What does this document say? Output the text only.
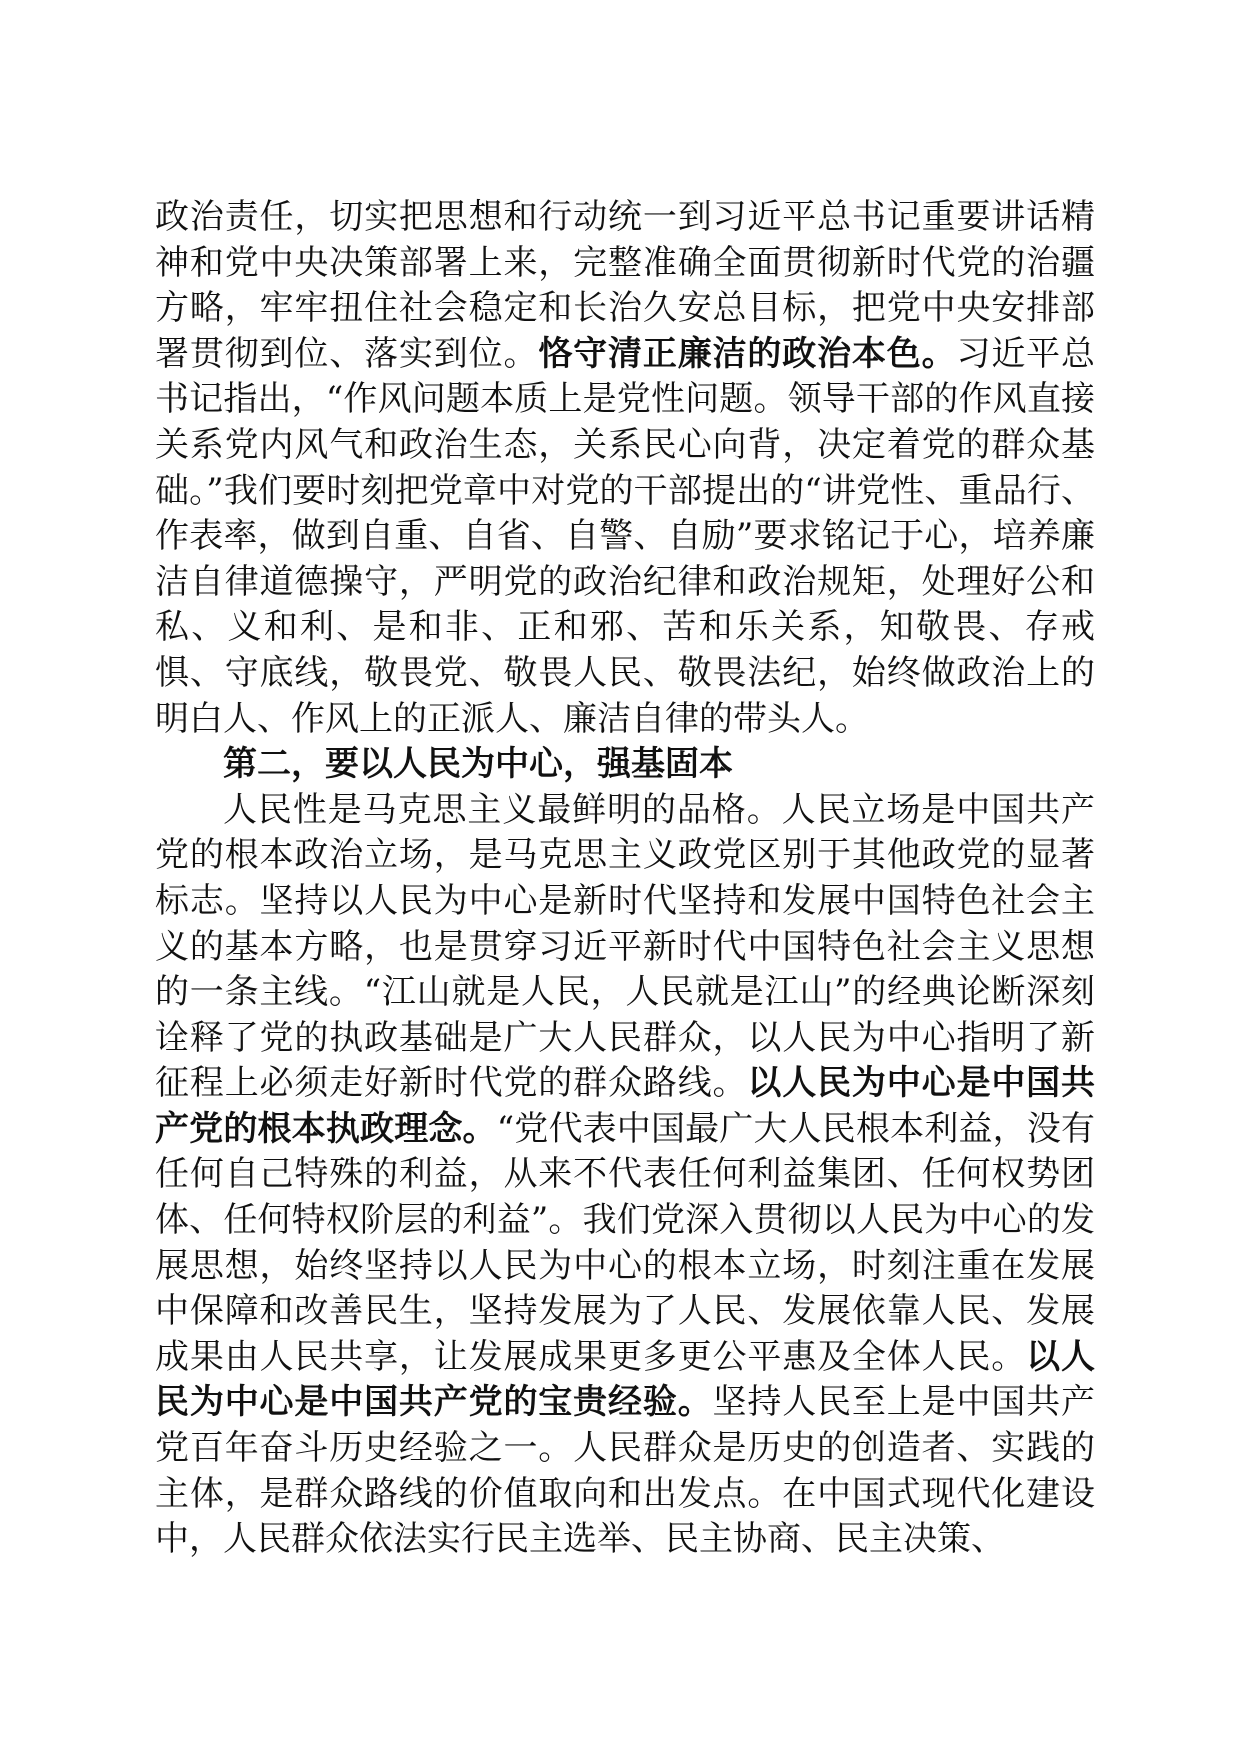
政治责任，切实把思想和行动统一到习近平总书记重要讲话精神和党中央决策部署上来，完整准确全面贯彻新时代党的治疆方略，牢牢扭住社会稳定和长治久安总目标，把党中央安排部署贯彻到位、落实到位。恪守清正廉洁的政治本色。习近平总书记指出，“作风问题本质上是党性问题。领导干部的作风直接关系党内风气和政治生态，关系民心向背，决定着党的群众基础。”我们要时刻把党章中对党的干部提出的“讲党性、重品行、作表率，做到自重、自省、自警、自励”要求铭记于心，培养廉洁自律道德操守，严明党的政治纪律和政治规矩，处理好公和私、义和利、是和非、正和邪、苦和乐关系，知敬畏、存戒惧、守底线，敬畏党、敬畏人民、敬畏法纪，始终做政治上的明白人、作风上的正派人、廉洁自律的带头人。

第二，要以人民为中心，强基固本

人民性是马克思主义最鲜明的品格。人民立场是中国共产党的根本政治立场，是马克思主义政党区别于其他政党的显著标志。坚持以人民为中心是新时代坚持和发展中国特色社会主义的基本方略，也是贯穿习近平新时代中国特色社会主义思想的一条主线。“江山就是人民，人民就是江山”的经典论断深刻诠释了党的执政基础是广大人民群众，以人民为中心指明了新征程上必须走好新时代党的群众路线。以人民为中心是中国共产党的根本执政理念。“党代表中国最广大人民根本利益，没有任何自己特殊的利益，从来不代表任何利益集团、任何权势团体、任何特权阶层的利益”。我们党深入贯彻以人民为中心的发展思想，始终坚持以人民为中心的根本立场，时刻注重在发展中保障和改善民生，坚持发展为了人民、发展依靠人民、发展成果由人民共享，让发展成果更多更公平惠及全体人民。以人民为中心是中国共产党的宝贵经验。坚持人民至上是中国共产党百年奋斗历史经验之一。人民群众是历史的创造者、实践的主体，是群众路线的价值取向和出发点。在中国式现代化建设中，人民群众依法实行民主选举、民主协商、民主决策、
